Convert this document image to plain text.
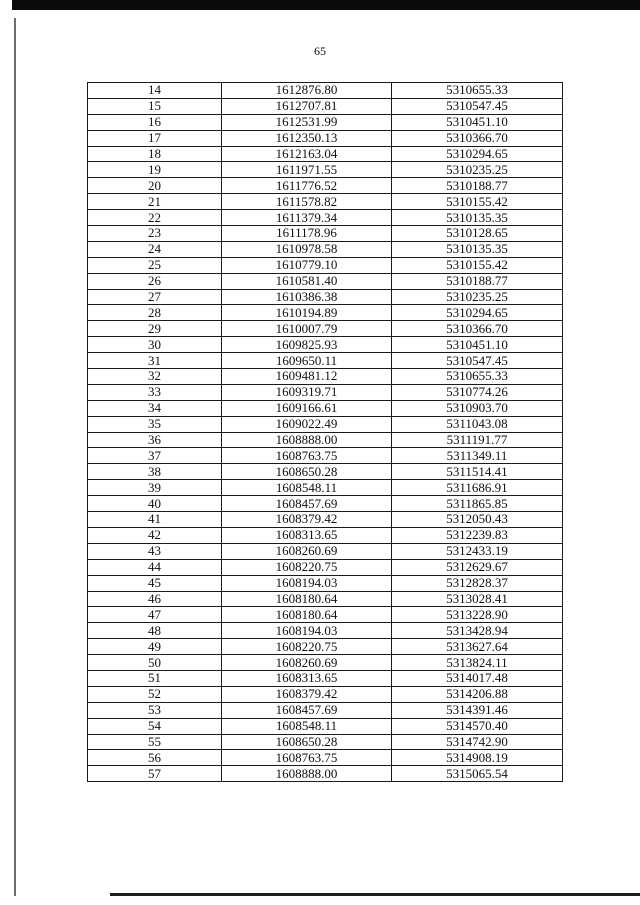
65
14	1612876.80	5310655.33
15	1612707.81	5310547.45
16	1612531.99	5310451.10
17	1612350.13	5310366.70
18	1612163.04	5310294.65
19	1611971.55	5310235.25
20	1611776.52	5310188.77
21	1611578.82	5310155.42
22	1611379.34	5310135.35
23	1611178.96	5310128.65
24	1610978.58	5310135.35
25	1610779.10	5310155.42
26	1610581.40	5310188.77
27	1610386.38	5310235.25
28	1610194.89	5310294.65
29	1610007.79	5310366.70
30	1609825.93	5310451.10
31	1609650.11	5310547.45
32	1609481.12	5310655.33
33	1609319.71	5310774.26
34	1609166.61	5310903.70
35	1609022.49	5311043.08
36	1608888.00	5311191.77
37	1608763.75	5311349.11
38	1608650.28	5311514.41
39	1608548.11	5311686.91
40	1608457.69	5311865.85
41	1608379.42	5312050.43
42	1608313.65	5312239.83
43	1608260.69	5312433.19
44	1608220.75	5312629.67
45	1608194.03	5312828.37
46	1608180.64	5313028.41
47	1608180.64	5313228.90
48	1608194.03	5313428.94
49	1608220.75	5313627.64
50	1608260.69	5313824.11
51	1608313.65	5314017.48
52	1608379.42	5314206.88
53	1608457.69	5314391.46
54	1608548.11	5314570.40
55	1608650.28	5314742.90
56	1608763.75	5314908.19
57	1608888.00	5315065.54
